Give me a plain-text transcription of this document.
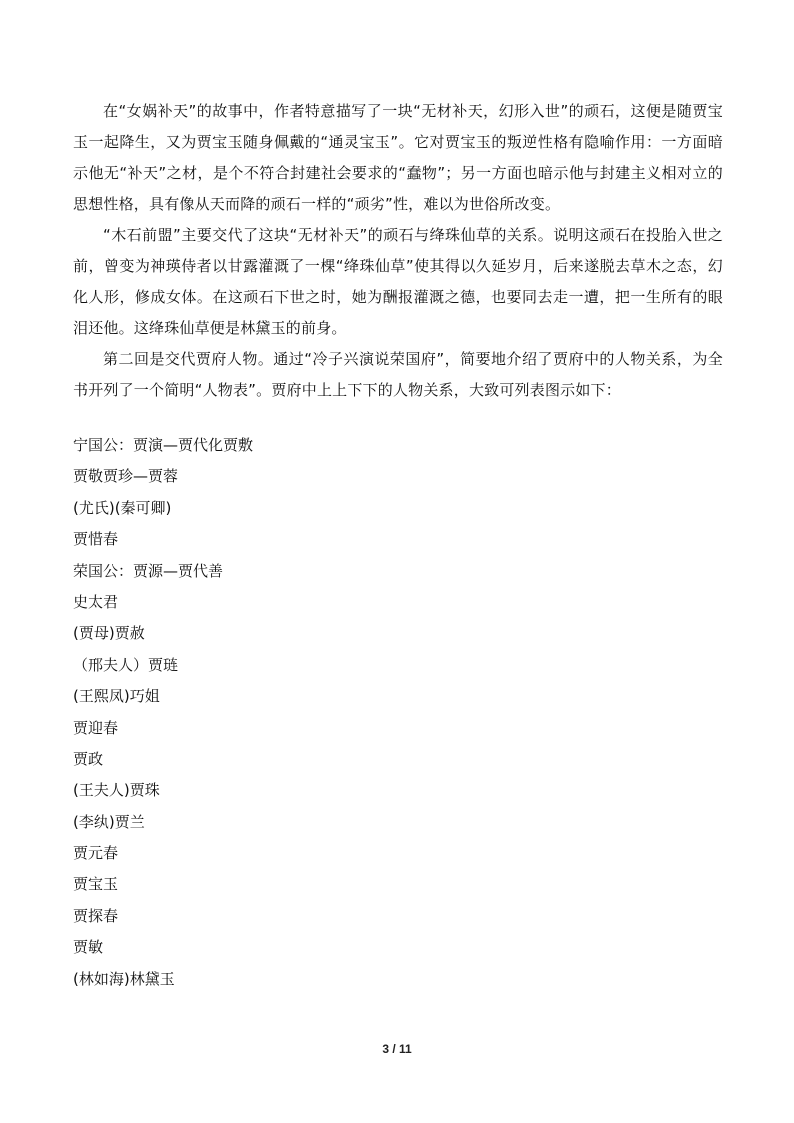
在“女娲补天”的故事中，作者特意描写了一块“无材补天，幻形入世”的顽石，这便是随贾宝玉一起降生，又为贾宝玉随身佩戴的“通灵宝玉”。它对贾宝玉的叛逆性格有隐喻作用：一方面暗示他无“补天”之材，是个不符合封建社会要求的“蠢物”；另一方面也暗示他与封建主义相对立的思想性格，具有像从天而降的顽石一样的“顽劣”性，难以为世俗所改变。

“木石前盟”主要交代了这块“无材补天”的顽石与绛珠仙草的关系。说明这顽石在投胎入世之前，曾变为神瑛侍者以甘露灌溉了一棵“绛珠仙草”使其得以久延岁月，后来遂脱去草木之态，幻化人形，修成女体。在这顽石下世之时，她为酬报灌溉之德，也要同去走一遭，把一生所有的眼泪还他。这绛珠仙草便是林黛玉的前身。

第二回是交代贾府人物。通过“冷子兴演说荣国府”，简要地介绍了贾府中的人物关系，为全书开列了一个简明“人物表”。贾府中上上下下的人物关系，大致可列表图示如下：

宁国公：贾演—贾代化贾敷
贾敬贾珍—贾蓉
(尤氏)(秦可卿)
贾惜春
荣国公：贾源—贾代善
史太君
(贾母)贾赦
（邢夫人）贾琏
(王熙凤)巧姐
贾迎春
贾政
(王夫人)贾珠
(李纨)贾兰
贾元春
贾宝玉
贾探春
贾敏
(林如海)林黛玉
3 / 11
